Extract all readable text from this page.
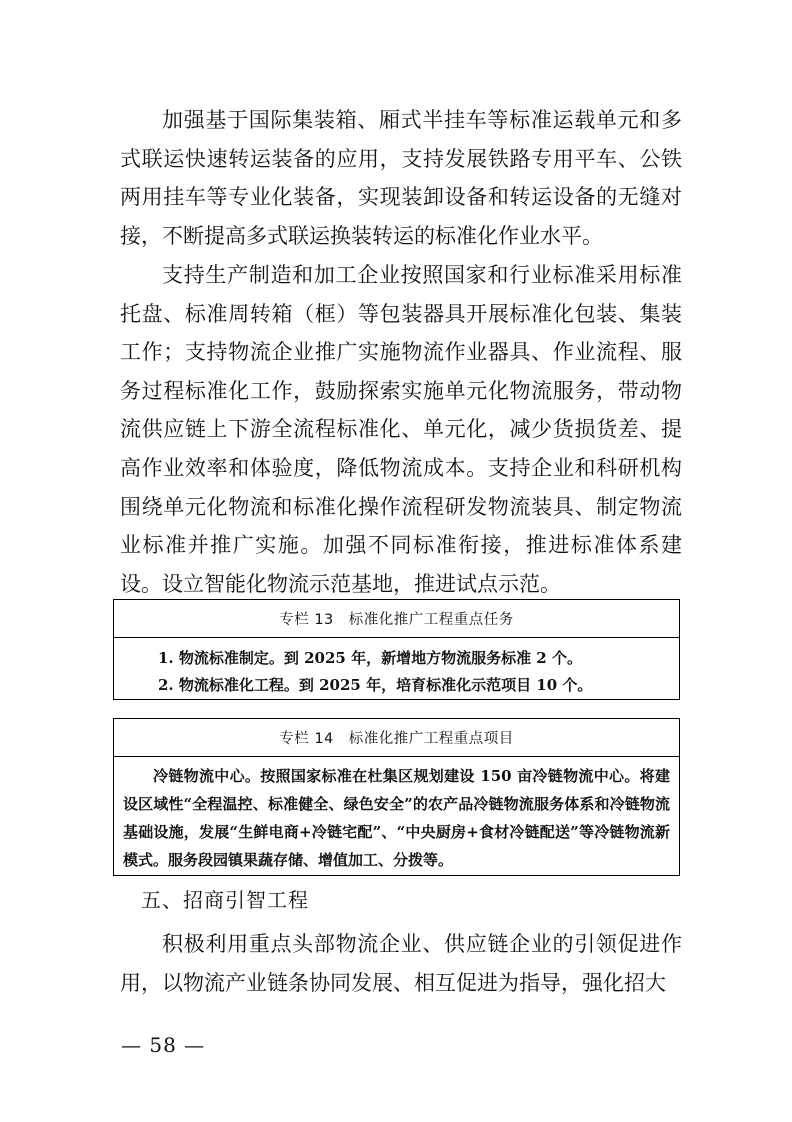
加强基于国际集装箱、厢式半挂车等标准运载单元和多式联运快速转运装备的应用，支持发展铁路专用平车、公铁两用挂车等专业化装备，实现装卸设备和转运设备的无缝对接，不断提高多式联运换装转运的标准化作业水平。

支持生产制造和加工企业按照国家和行业标准采用标准托盘、标准周转箱（框）等包装器具开展标准化包装、集装工作；支持物流企业推广实施物流作业器具、作业流程、服务过程标准化工作，鼓励探索实施单元化物流服务，带动物流供应链上下游全流程标准化、单元化，减少货损货差、提高作业效率和体验度，降低物流成本。支持企业和科研机构围绕单元化物流和标准化操作流程研发物流装具、制定物流业标准并推广实施。加强不同标准衔接，推进标准体系建设。设立智能化物流示范基地，推进试点示范。

专栏 13　标准化推广工程重点任务
1. 物流标准制定。到 2025 年，新增地方物流服务标准 2 个。
2. 物流标准化工程。到 2025 年，培育标准化示范项目 10 个。
专栏 14　标准化推广工程重点项目
冷链物流中心。按照国家标准在杜集区规划建设 150 亩冷链物流中心。将建设区域性“全程温控、标准健全、绿色安全”的农产品冷链物流服务体系和冷链物流基础设施，发展“生鲜电商+冷链宅配”、“中央厨房+食材冷链配送”等冷链物流新模式。服务段园镇果蔬存储、增值加工、分拨等。
五、招商引智工程

积极利用重点头部物流企业、供应链企业的引领促进作用，以物流产业链条协同发展、相互促进为指导，强化招大

— 58 —
